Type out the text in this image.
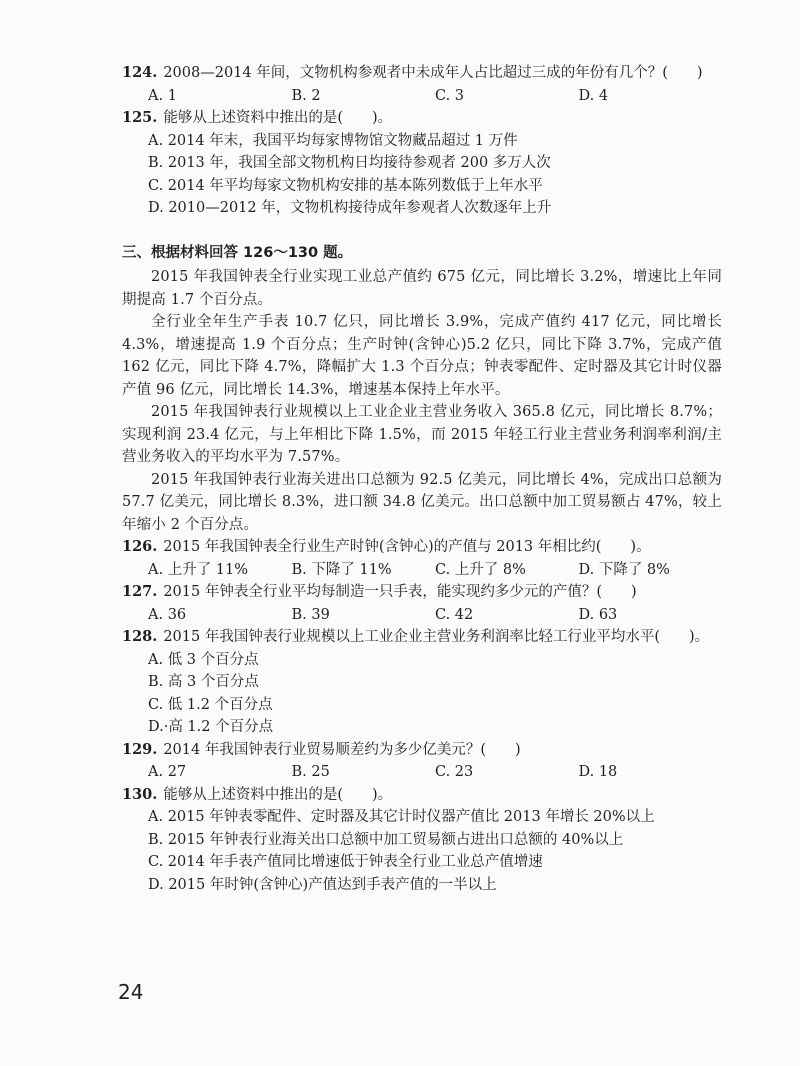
124. 2008—2014 年间，文物机构参观者中未成年人占比超过三成的年份有几个？(　　)
A. 1	B. 2	C. 3	D. 4
125. 能够从上述资料中推出的是(　　)。
A. 2014 年末，我国平均每家博物馆文物藏品超过 1 万件
B. 2013 年，我国全部文物机构日均接待参观者 200 多万人次
C. 2014 年平均每家文物机构安排的基本陈列数低于上年水平
D. 2010—2012 年，文物机构接待成年参观者人次数逐年上升
三、根据材料回答 126～130 题。

2015 年我国钟表全行业实现工业总产值约 675 亿元，同比增长 3.2%，增速比上年同期提高 1.7 个百分点。

全行业全年生产手表 10.7 亿只，同比增长 3.9%，完成产值约 417 亿元，同比增长 4.3%，增速提高 1.9 个百分点；生产时钟(含钟心)5.2 亿只，同比下降 3.7%，完成产值 162 亿元，同比下降 4.7%，降幅扩大 1.3 个百分点；钟表零配件、定时器及其它计时仪器产值 96 亿元，同比增长 14.3%，增速基本保持上年水平。

2015 年我国钟表行业规模以上工业企业主营业务收入 365.8 亿元，同比增长 8.7%；实现利润 23.4 亿元，与上年相比下降 1.5%，而 2015 年轻工行业主营业务利润率利润/主营业务收入的平均水平为 7.57%。

2015 年我国钟表行业海关进出口总额为 92.5 亿美元，同比增长 4%，完成出口总额为 57.7 亿美元，同比增长 8.3%，进口额 34.8 亿美元。出口总额中加工贸易额占 47%，较上年缩小 2 个百分点。

126. 2015 年我国钟表全行业生产时钟(含钟心)的产值与 2013 年相比约(　　)。
A. 上升了 11%	B. 下降了 11%	C. 上升了 8%	D. 下降了 8%
127. 2015 年钟表全行业平均每制造一只手表，能实现约多少元的产值？(　　)
A. 36	B. 39	C. 42	D. 63
128. 2015 年我国钟表行业规模以上工业企业主营业务利润率比轻工行业平均水平(　　)。
A. 低 3 个百分点
B. 高 3 个百分点
C. 低 1.2 个百分点
D.·高 1.2 个百分点
129. 2014 年我国钟表行业贸易顺差约为多少亿美元？(　　)
A. 27	B. 25	C. 23	D. 18
130. 能够从上述资料中推出的是(　　)。
A. 2015 年钟表零配件、定时器及其它计时仪器产值比 2013 年增长 20%以上
B. 2015 年钟表行业海关出口总额中加工贸易额占进出口总额的 40%以上
C. 2014 年手表产值同比增速低于钟表全行业工业总产值增速
D. 2015 年时钟(含钟心)产值达到手表产值的一半以上
24
